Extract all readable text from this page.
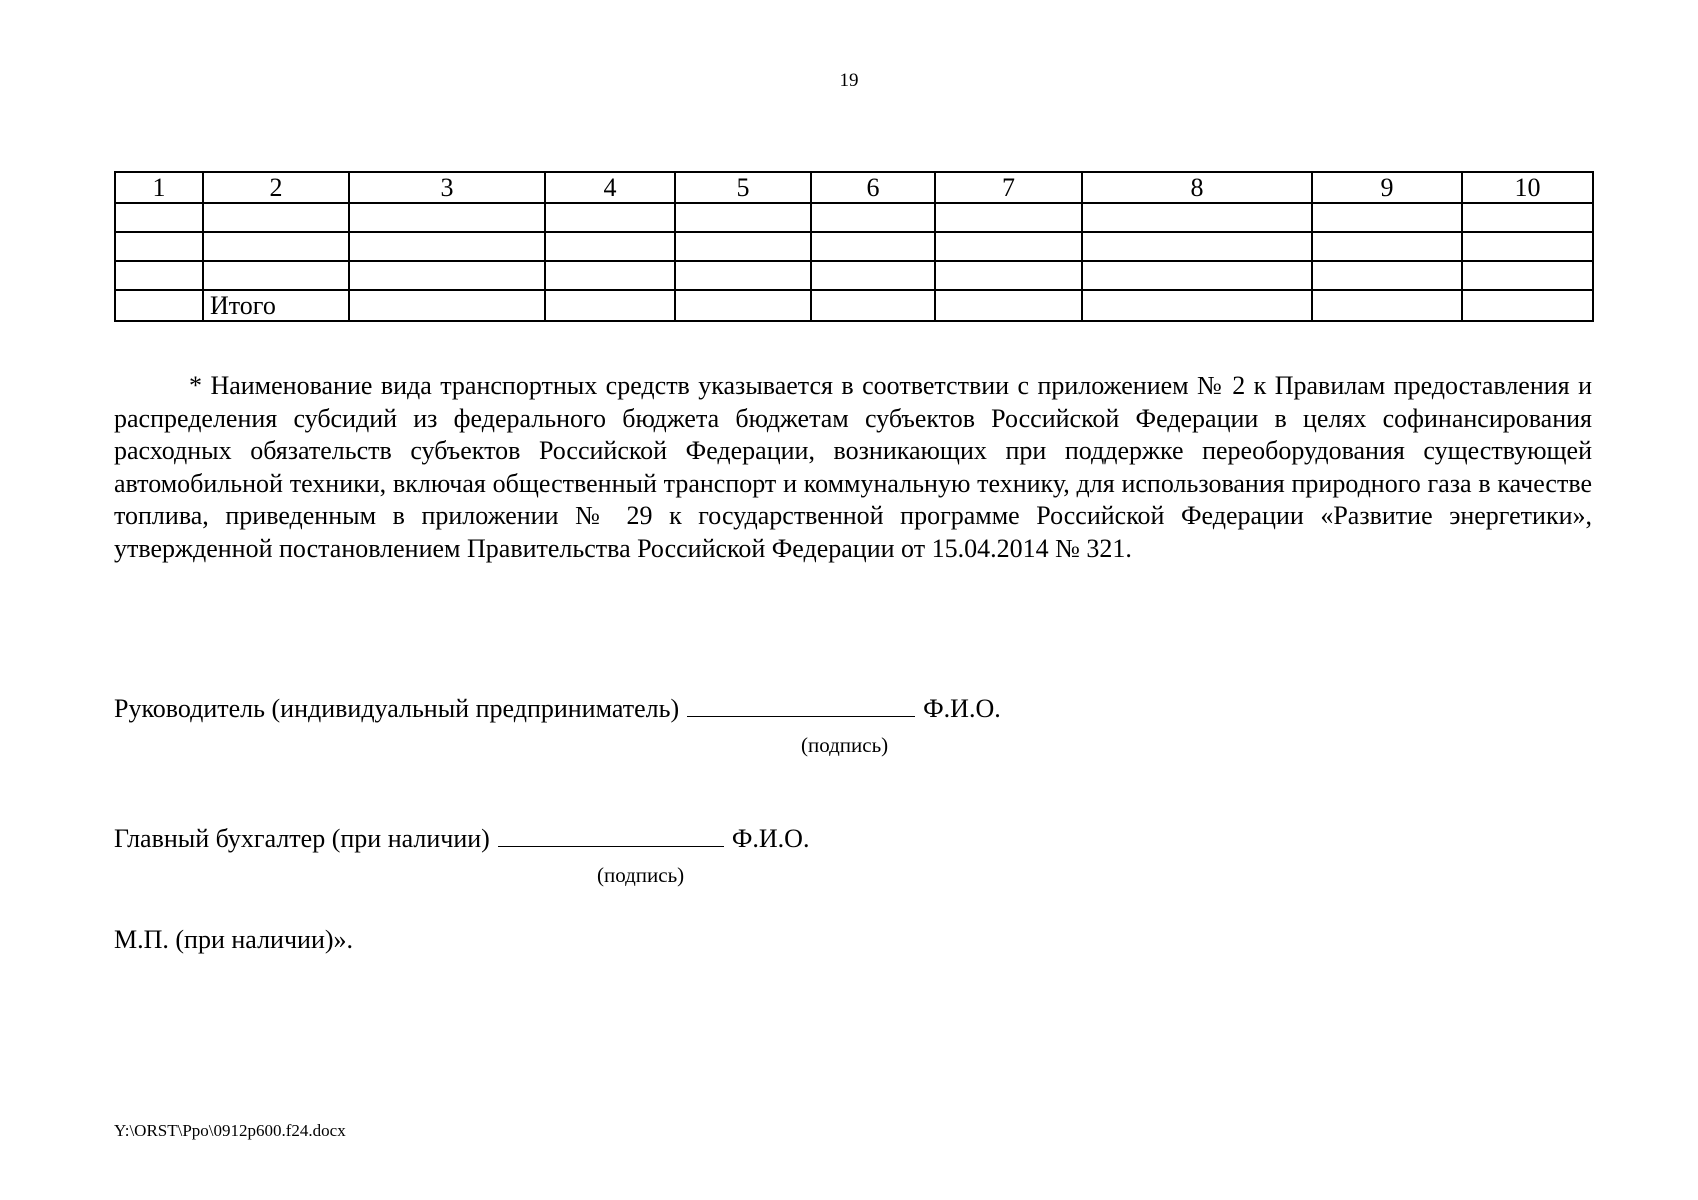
19
1	2	3	4	5	6	7	8	9	10

	Итого								

* Наименование вида транспортных средств указывается в соответствии с приложением № 2 к Правилам предоставления и распределения субсидий из федерального бюджета бюджетам субъектов Российской Федерации в целях софинансирования расходных обязательств субъектов Российской Федерации, возникающих при поддержке переоборудования существующей автомобильной техники, включая общественный транспорт и коммунальную технику, для использования природного газа в качестве топлива, приведенным в приложении № 29 к государственной программе Российской Федерации «Развитие энергетики», утвержденной постановлением Правительства Российской Федерации от 15.04.2014 № 321.

Руководитель (индивидуальный предприниматель)	Ф.И.О.
(подпись)
Главный бухгалтер (при наличии)	Ф.И.О.
(подпись)
М.П. (при наличии)».
Y:\ORST\Ppo\0912p600.f24.docx
